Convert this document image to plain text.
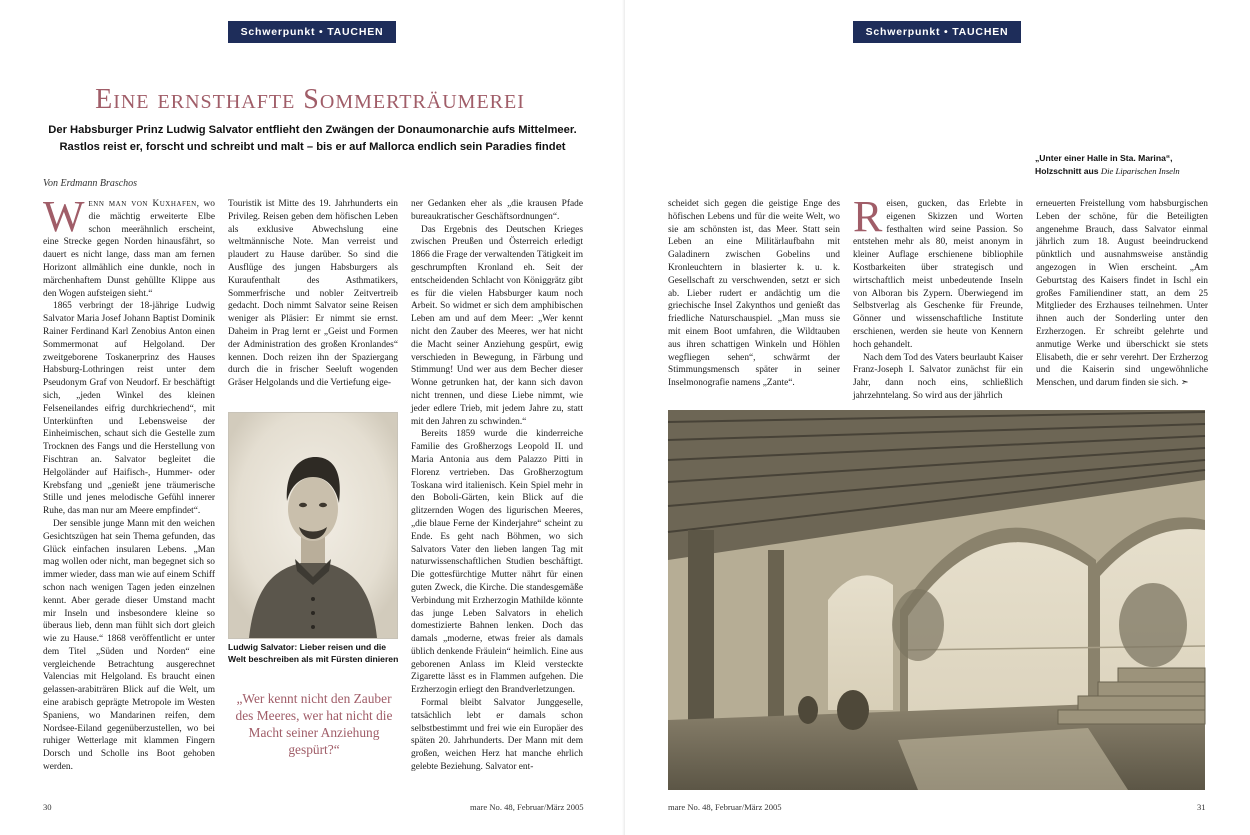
Schwerpunkt • TAUCHEN
Eine ernsthafte Sommerträumerei
Der Habsburger Prinz Ludwig Salvator entflieht den Zwängen der Donaumonarchie aufs Mittelmeer.
Rastlos reist er, forscht und schreibt und malt – bis er auf Mallorca endlich sein Paradies findet
Von Erdmann Braschos

W enn man von Kuxhafen, wo die mächtig erweiterte Elbe schon meerähnlich erscheint, eine Strecke gegen Norden hinausfährt, so dauert es nicht lange, dass man am fernen Horizont allmählich eine dunkle, noch in märchenhaftem Dunst gehüllte Klippe aus den Wogen aufsteigen sieht.“

1865 verbringt der 18-jährige Ludwig Salvator Maria Josef Johann Baptist Dominik Rainer Ferdinand Karl Zenobius Anton einen Sommermonat auf Helgoland. Der zweitgeborene Toskanerprinz des Hauses Habsburg-Lothringen reist unter dem Pseudonym Graf von Neudorf. Er beschäftigt sich, „jeden Winkel des kleinen Felseneilandes eifrig durchkriechend“, mit Unterkünften und Lebensweise der Einheimischen, schaut sich die Gestelle zum Trocknen des Fangs und die Herstellung von Fischtran an. Salvator begleitet die Helgoländer auf Haifisch-, Hummer- oder Krebsfang und „genießt jene träumerische Stille und jenes melodische Gefühl innerer Ruhe, das man nur am Meere empfindet“.

Der sensible junge Mann mit den weichen Gesichtszügen hat sein Thema gefunden, das Glück einfachen insularen Lebens. „Man mag wollen oder nicht, man begegnet sich so immer wieder, dass man wie auf einem Schiff schon nach wenigen Tagen jeden einzelnen kennt. Aber gerade dieser Umstand macht mir Inseln und insbesondere kleine so überaus lieb, denn man fühlt sich dort gleich wie zu Hause.“ 1868 veröffentlicht er unter dem Titel „Süden und Norden“ eine vergleichende Betrachtung ausgerechnet Valencias mit Helgoland. Es braucht einen gelassen-arabiträren Blick auf die Welt, um eine arabisch geprägte Metropole im Westen Spaniens, wo Mandarinen reifen, dem Nordsee-Eiland gegenüberzustellen, wo bei ruhiger Wetterlage mit klammen Fingern Dorsch und Scholle ins Boot gehoben werden.

Touristik ist Mitte des 19. Jahrhunderts ein Privileg. Reisen geben dem höfischen Leben als exklusive Abwechslung eine weltmännische Note. Man verreist und plaudert zu Hause darüber. So sind die Ausflüge des jungen Habsburgers als Kuraufenthalt des Asthmatikers, Sommerfrische und nobler Zeitvertreib gedacht. Doch nimmt Salvator seine Reisen weniger als Pläsier: Er nimmt sie ernst. Daheim in Prag lernt er „Geist und Formen der Administration des großen Kronlandes“ kennen. Doch reizen ihn der Spaziergang durch die in frischer Seeluft wogenden Gräser Helgolands und die Vertiefung eige-

Ludwig Salvator: Lieber reisen und die Welt beschreiben als mit Fürsten dinieren
„Wer kennt nicht den Zauber des Meeres, wer hat nicht die Macht seiner Anziehung gespürt?“

ner Gedanken eher als „die krausen Pfade bureaukratischer Geschäftsordnungen“.

Das Ergebnis des Deutschen Krieges zwischen Preußen und Österreich erledigt 1866 die Frage der verwaltenden Tätigkeit im geschrumpften Kronland eh. Seit der entscheidenden Schlacht von Königgrätz gibt es für die vielen Habsburger kaum noch Arbeit. So widmet er sich dem amphibischen Leben am und auf dem Meer: „Wer kennt nicht den Zauber des Meeres, wer hat nicht die Macht seiner Anziehung gespürt, ewig verschieden in Bewegung, in Färbung und Stimmung! Und wer aus dem Becher dieser Wonne getrunken hat, der kann sich davon nicht trennen, und diese Liebe nimmt, wie jeder edlere Trieb, mit jedem Jahre zu, statt mit den Jahren zu schwinden.“

Bereits 1859 wurde die kinderreiche Familie des Großherzogs Leopold II. und Maria Antonia aus dem Palazzo Pitti in Florenz vertrieben. Das Großherzogtum Toskana wird italienisch. Kein Spiel mehr in den Boboli-Gärten, kein Blick auf die glitzernden Wogen des ligurischen Meeres, „die blaue Ferne der Kinderjahre“ scheint zu Ende. Es geht nach Böhmen, wo sich Salvators Vater den lieben langen Tag mit naturwissenschaftlichen Studien beschäftigt. Die gottesfürchtige Mutter nährt für einen guten Zweck, die Kirche. Die standesgemäße Verbindung mit Erzherzogin Mathilde könnte das junge Leben Salvators in ehelich domestizierte Bahnen lenken. Doch das damals „moderne, etwas freier als damals üblich denkende Fräulein“ heimlich. Eine aus geborenen Anlass im Kleid versteckte Zigarette lässt es in Flammen aufgehen. Die Erzherzogin erliegt den Brandverletzungen.

Formal bleibt Salvator Junggeselle, tatsächlich lebt er damals schon selbstbestimmt und frei wie ein Europäer des späten 20. Jahrhunderts. Der Mann mit dem großen, weichen Herz hat manche ehrlich gelebte Beziehung. Salvator ent-

30	mare No. 48, Februar/März 2005
Schwerpunkt • TAUCHEN
„Unter einer Halle in Sta. Marina“,
Holzschnitt aus Die Liparischen Inseln

scheidet sich gegen die geistige Enge des höfischen Lebens und für die weite Welt, wo sie am schönsten ist, das Meer. Statt sein Leben an eine Militärlaufbahn mit Galadinern zwischen Gobelins und Kronleuchtern in blasierter k. u. k. Gesellschaft zu verschwenden, setzt er sich ab. Lieber rudert er andächtig um die griechische Insel Zakynthos und genießt das friedliche Naturschauspiel. „Man muss sie mit einem Boot umfahren, die Wildtauben aus ihren schattigen Winkeln und Höhlen wegfliegen sehen“, schwärmt der Stimmungsmensch später in seiner Inselmonografie namens „Zante“.

R eisen, gucken, das Erlebte in eigenen Skizzen und Worten festhalten wird seine Passion. So entstehen mehr als 80, meist anonym in kleiner Auflage erschienene bibliophile Kostbarkeiten über strategisch und wirtschaftlich meist unbedeutende Inseln von Alboran bis Zypern. Überwiegend im Selbstverlag als Geschenke für Freunde, Gönner und wissenschaftliche Institute erschienen, werden sie heute von Kennern hoch gehandelt.

Nach dem Tod des Vaters beurlaubt Kaiser Franz-Joseph I. Salvator zunächst für ein Jahr, dann noch eins, schließlich jahrzehntelang. So wird aus der jährlich

erneuerten Freistellung vom habsburgischen Leben der schöne, für die Beteiligten angenehme Brauch, dass Salvator einmal jährlich zum 18. August beeindruckend pünktlich und ausnahmsweise anständig angezogen in Wien erscheint. „Am Geburtstag des Kaisers findet in Ischl ein großes Familiendiner statt, an dem 25 Mitglieder des Erzhauses teilnehmen. Unter ihnen auch der Sonderling unter den Erzherzogen. Er schreibt gelehrte und anmutige Werke und überschickt sie stets Elisabeth, die er sehr verehrt. Der Erzherzog und die Kaiserin sind ungewöhnliche Menschen, und darum finden sie sich. ➣

mare No. 48, Februar/März 2005	31
